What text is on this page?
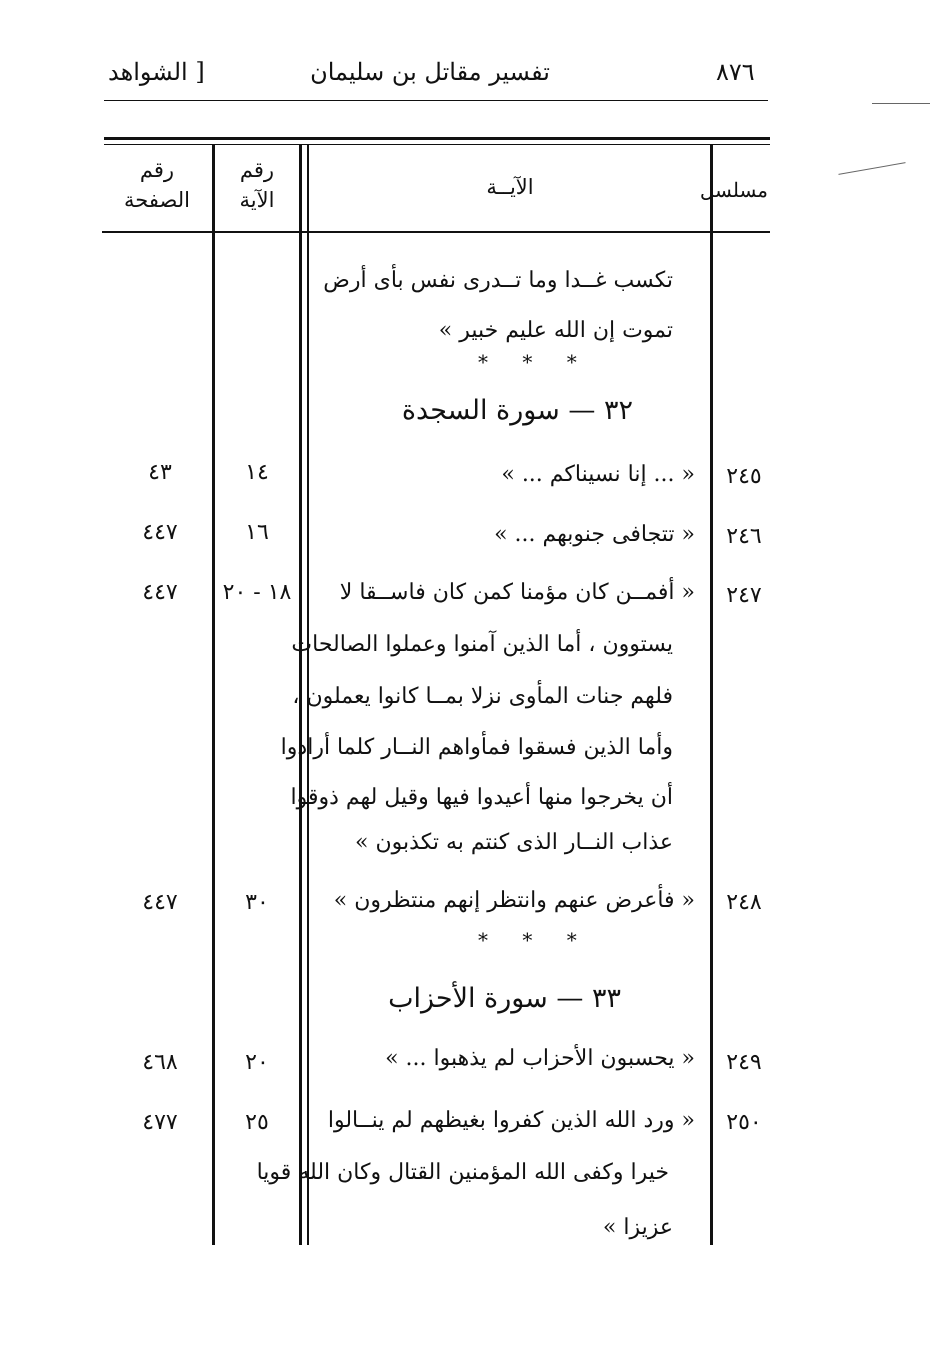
٨٧٦
تفسير مقاتل بن سليمان
[ الشواهد
مسلسل
الآيــة
رقم
الآية
رقم
الصفحة
تكسب غــدا وما تــدرى نفس بأى أرض
تموت إن الله عليم خبير »
* * *
٣٢ — سورة السجدة
٢٤٥
« ... إنا نسيناكم ... »
١٤
٤٣
٢٤٦
« تتجافى جنوبهم ... »
١٦
٤٤٧
٢٤٧
« أفمــن كان مؤمنا كمن كان فاســقا لا
يستوون ، أما الذين آمنوا وعملوا الصالحات
فلهم جنات المأوى نزلا بمــا كانوا يعملون ،
وأما الذين فسقوا فمأواهم النــار كلما أرادوا
أن يخرجوا منها أعيدوا فيها وقيل لهم ذوقوا
عذاب النــار الذى كنتم به تكذبون »
١٨ - ٢٠
٤٤٧
٢٤٨
« فأعرض عنهم وانتظر إنهم منتظرون »
٣٠
٤٤٧
* * *
٣٣ — سورة الأحزاب
٢٤٩
« يحسبون الأحزاب لم يذهبوا ... »
٢٠
٤٦٨
٢٥٠
« ورد الله الذين كفروا بغيظهم لم ينــالوا
خيرا وكفى الله المؤمنين القتال وكان الله قويا
عزيزا »
٢٥
٤٧٧
